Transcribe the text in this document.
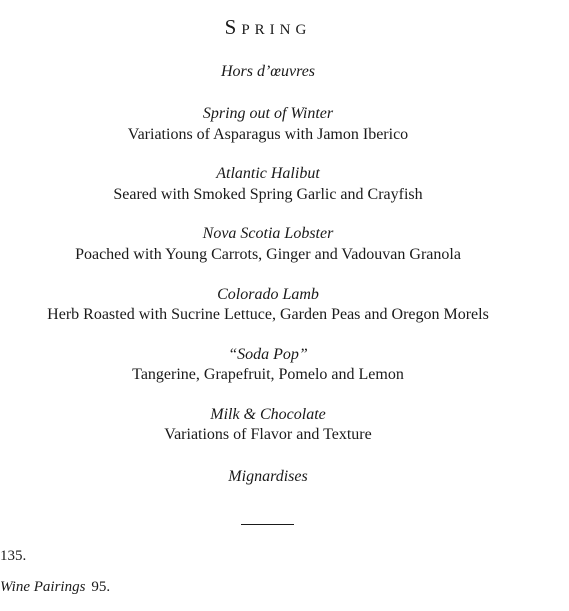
Spring
Hors d’œuvres
Spring out of Winter
Variations of Asparagus with Jamon Iberico
Atlantic Halibut
Seared with Smoked Spring Garlic and Crayfish
Nova Scotia Lobster
Poached with Young Carrots, Ginger and Vadouvan Granola
Colorado Lamb
Herb Roasted with Sucrine Lettuce, Garden Peas and Oregon Morels
“Soda Pop”
Tangerine, Grapefruit, Pomelo and Lemon
Milk & Chocolate
Variations of Flavor and Texture
Mignardises
135.
Wine Pairings 95.
